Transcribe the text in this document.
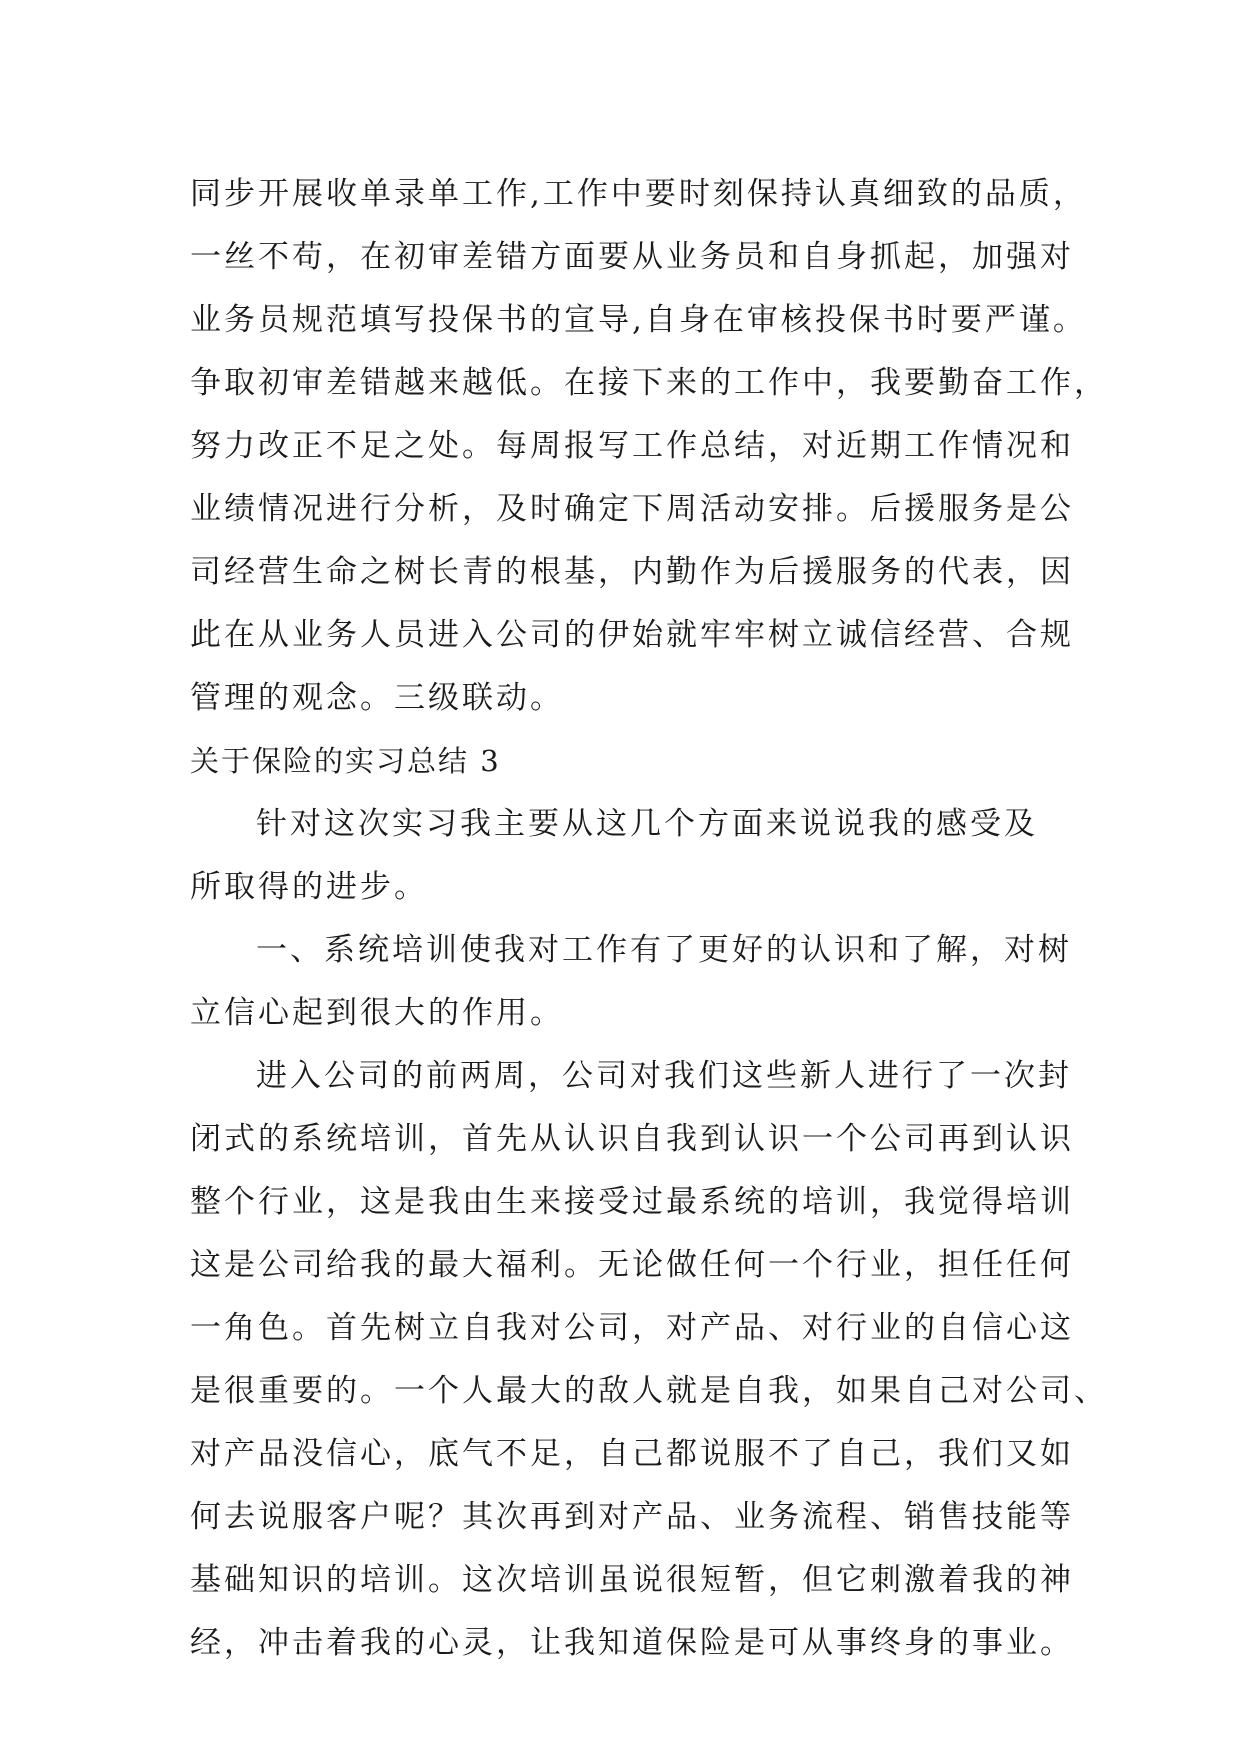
同步开展收单录单工作,工作中要时刻保持认真细致的品质，
一丝不苟，在初审差错方面要从业务员和自身抓起，加强对
业务员规范填写投保书的宣导,自身在审核投保书时要严谨。
争取初审差错越来越低。在接下来的工作中，我要勤奋工作，
努力改正不足之处。每周报写工作总结，对近期工作情况和
业绩情况进行分析，及时确定下周活动安排。后援服务是公
司经营生命之树长青的根基，内勤作为后援服务的代表，因
此在从业务人员进入公司的伊始就牢牢树立诚信经营、合规
管理的观念。三级联动。
关于保险的实习总结 3
针对这次实习我主要从这几个方面来说说我的感受及
所取得的进步。
一、系统培训使我对工作有了更好的认识和了解，对树
立信心起到很大的作用。
进入公司的前两周，公司对我们这些新人进行了一次封
闭式的系统培训，首先从认识自我到认识一个公司再到认识
整个行业，这是我由生来接受过最系统的培训，我觉得培训
这是公司给我的最大福利。无论做任何一个行业，担任任何
一角色。首先树立自我对公司，对产品、对行业的自信心这
是很重要的。一个人最大的敌人就是自我，如果自己对公司、
对产品没信心，底气不足，自己都说服不了自己，我们又如
何去说服客户呢？其次再到对产品、业务流程、销售技能等
基础知识的培训。这次培训虽说很短暂，但它刺激着我的神
经，冲击着我的心灵，让我知道保险是可从事终身的事业。
